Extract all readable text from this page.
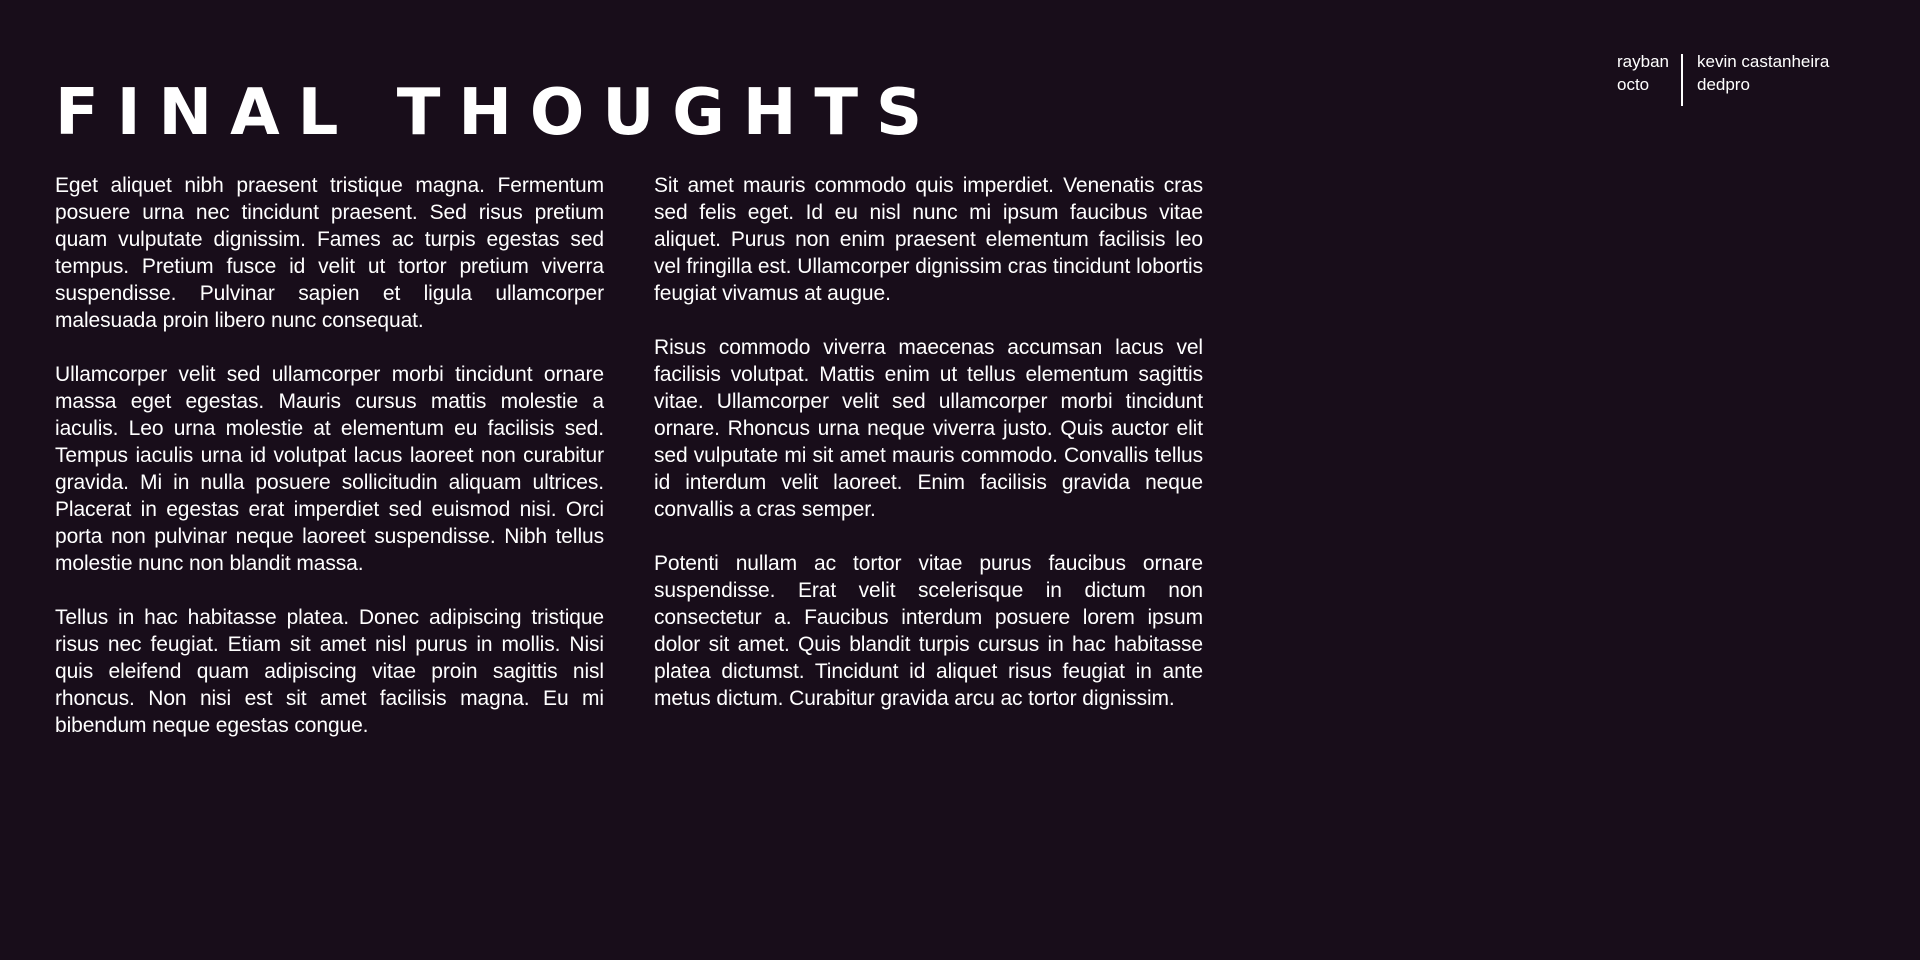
FINAL THOUGHTS
rayban
octo
kevin castanheira
dedpro

Eget aliquet nibh praesent tristique magna. Fermentum posuere urna nec tincidunt praesent. Sed risus pretium quam vulputate dignissim. Fames ac turpis egestas sed tempus. Pretium fusce id velit ut tortor pretium viverra suspendisse. Pulvinar sapien et ligula ullamcorper malesuada proin libero nunc consequat.

Ullamcorper velit sed ullamcorper morbi tincidunt ornare massa eget egestas. Mauris cursus mattis molestie a iaculis. Leo urna molestie at elementum eu facilisis sed. Tempus iaculis urna id volutpat lacus laoreet non curabitur gravida. Mi in nulla posuere sollicitudin aliquam ultrices. Placerat in egestas erat imperdiet sed euismod nisi. Orci porta non pulvinar neque laoreet suspendisse. Nibh tellus molestie nunc non blandit massa.

Tellus in hac habitasse platea. Donec adipiscing tristique risus nec feugiat. Etiam sit amet nisl purus in mollis. Nisi quis eleifend quam adipiscing vitae proin sagittis nisl rhoncus. Non nisi est sit amet facilisis magna. Eu mi bibendum neque egestas congue.

Sit amet mauris commodo quis imperdiet. Venenatis cras sed felis eget. Id eu nisl nunc mi ipsum faucibus vitae aliquet. Purus non enim praesent elementum facilisis leo vel fringilla est. Ullamcorper dignissim cras tincidunt lobortis feugiat vivamus at augue.

Risus commodo viverra maecenas accumsan lacus vel facilisis volutpat. Mattis enim ut tellus elementum sagittis vitae. Ullamcorper velit sed ullamcorper morbi tincidunt ornare. Rhoncus urna neque viverra justo. Quis auctor elit sed vulputate mi sit amet mauris commodo. Convallis tellus id interdum velit laoreet. Enim facilisis gravida neque convallis a cras semper.

Potenti nullam ac tortor vitae purus faucibus ornare suspendisse. Erat velit scelerisque in dictum non consectetur a. Faucibus interdum posuere lorem ipsum dolor sit amet. Quis blandit turpis cursus in hac habitasse platea dictumst. Tincidunt id aliquet risus feugiat in ante metus dictum. Curabitur gravida arcu ac tortor dignissim.
